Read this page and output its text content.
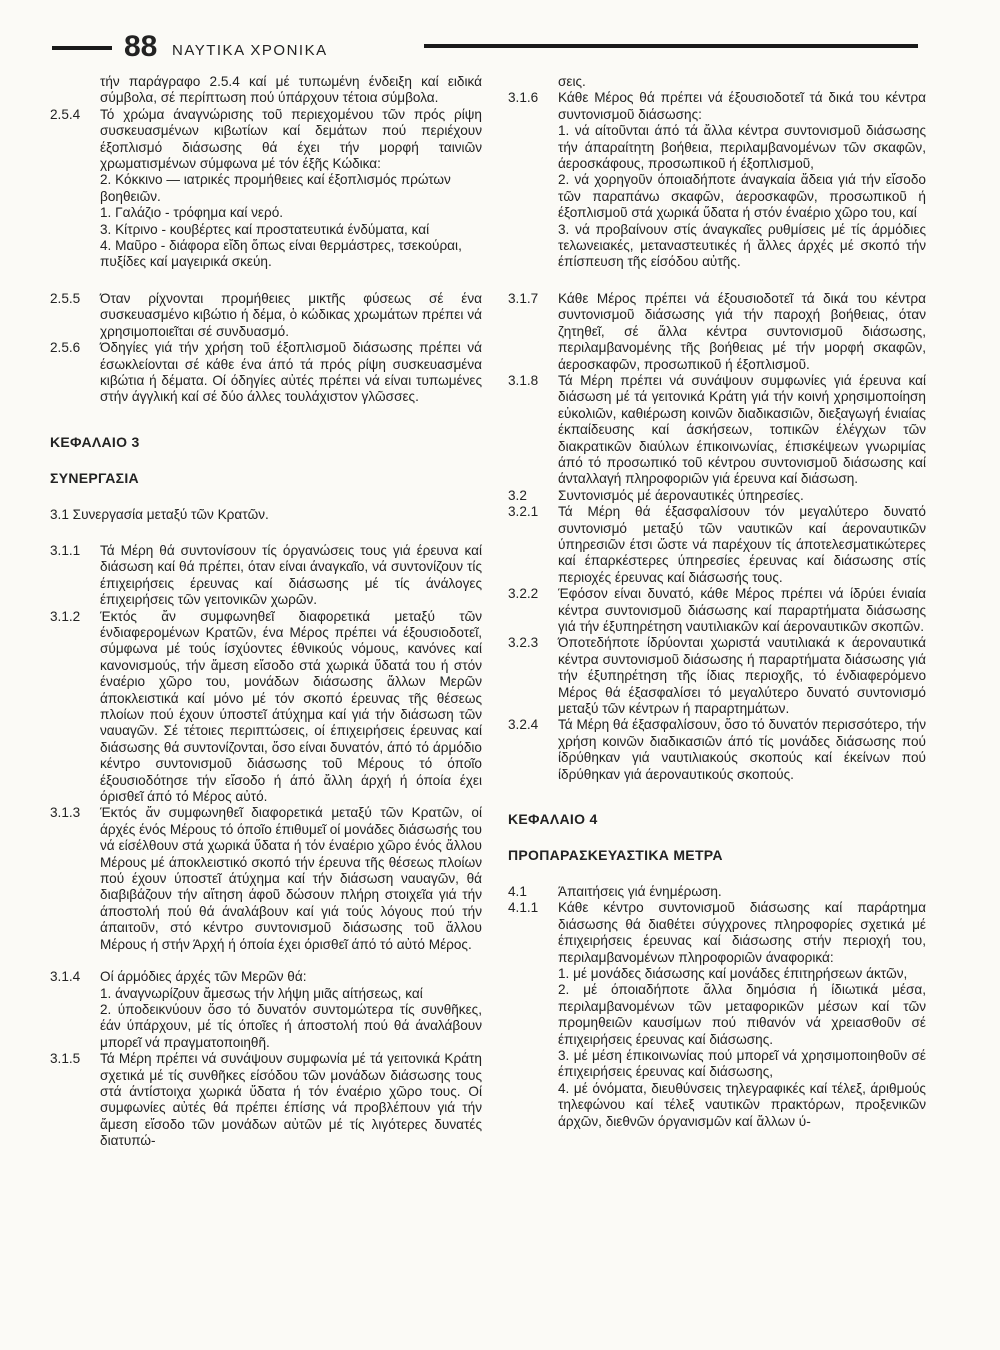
88 ΝΑΥΤΙΚΑ ΧΡΟΝΙΚΑ
τήν παράγραφο 2.5.4 καί μέ τυπωμένη ένδειξη καί ειδικά σύμβολα, σέ περίπτωση πού ύπάρχουν τέτοια σύμβολα.
2.5.4	Τό χρώμα άναγνώρισης τοῦ περιεχομένου τῶν πρός ρίψη συσκευασμένων κιβωτίων καί δεμάτων πού περιέχουν έξοπλισμό διάσωσης θά έχει τήν μορφή ταινιῶν χρωματισμένων σύμφωνα μέ τόν έξῆς Κώδικα:
2. Κόκκινο — ιατρικές προμήθειες καί έξοπλισμός πρώτων βοηθειῶν.
1. Γαλάζιο - τρόφημα καί νερό.
3. Κίτρινο - κουβέρτες καί προστατευτικά ένδύματα, καί
4. Μαῦρο - διάφορα εἴδη ὅπως είναι θερμάστρες, τσεκούραι, πυξίδες καί μαγειρικά σκεύη.
2.5.5	Όταν ρίχνονται προμήθειες μικτῆς φύσεως σέ ένα συσκευασμένο κιβώτιο ή δέμα, ὁ κώδικας χρωμάτων πρέπει νά χρησιμοποιεῖται σέ συνδυασμό.
2.5.6	Όδηγίες γιά τήν χρήση τοῦ έξοπλισμοῦ διάσωσης πρέπει νά έσωκλείονται σέ κάθε ένα άπό τά πρός ρίψη συσκευασμένα κιβώτια ή δέματα. Οί όδηγίες αὐτές πρέπει νά είναι τυπωμένες στήν άγγλική καί σέ δύο άλλες τουλάχιστον γλῶσσες.
ΚΕΦΑΛΑΙΟ 3
ΣΥΝΕΡΓΑΣΙΑ
3.1 Συνεργασία μεταξύ τῶν Κρατῶν.
3.1.1	Τά Μέρη θά συντονίσουν τίς όργανώσεις τους γιά έρευνα καί διάσωση καί θά πρέπει, όταν είναι άναγκαῖο, νά συντονίζουν τίς έπιχειρήσεις έρευνας καί διάσωσης μέ τίς άνάλογες έπιχειρήσεις τῶν γειτονικῶν χωρῶν.
3.1.2	Έκτός ἄν συμφωνηθεῖ διαφορετικά μεταξύ τῶν ένδιαφερομένων Κρατῶν, ένα Μέρος πρέπει νά έξουσιοδοτεῖ, σύμφωνα μέ τούς ίσχύοντες έθνικούς νόμους, κανόνες καί κανονισμούς, τήν ἄμεση εἴσοδο στά χωρικά ὕδατά του ή στόν έναέριο χῶρο του, μονάδων διάσωσης ἄλλων Μερῶν άποκλειστικά καί μόνο μέ τόν σκοπό έρευνας τῆς θέσεως πλοίων πού έχουν ύποστεῖ άτύχημα καί γιά τήν διάσωση τῶν ναυαγῶν. Σέ τέτοιες περιπτώσεις, οί έπιχειρήσεις έρευνας καί διάσωσης θά συντονίζονται, ὅσο είναι δυνατόν, άπό τό άρμόδιο κέντρο συντονισμοῦ διάσωσης τοῦ Μέρους τό όποῖο έξουσιοδότησε τήν εἴσοδο ή άπό ἄλλη άρχή ή όποία έχει όρισθεῖ άπό τό Μέρος αὐτό.
3.1.3	Έκτός ἄν συμφωνηθεῖ διαφορετικά μεταξύ τῶν Κρατῶν, οί άρχές ένός Μέρους τό όποῖο έπιθυμεῖ οί μονάδες διάσωσής του νά είσέλθουν στά χωρικά ὕδατα ή τόν έναέριο χῶρο ένός ἄλλου Μέρους μέ άποκλειστικό σκοπό τήν έρευνα τῆς θέσεως πλοίων πού έχουν ύποστεῖ άτύχημα καί τήν διάσωση ναυαγῶν, θά διαβιβάζουν τήν αἴτηση άφοῦ δώσουν πλήρη στοιχεῖα γιά τήν άποστολή πού θά άναλάβουν καί γιά τούς λόγους πού τήν άπαιτοῦν, στό κέντρο συντονισμοῦ διάσωσης τοῦ ἄλλου Μέρους ή στήν Άρχή ή όποία έχει όρισθεῖ άπό τό αὐτό Μέρος.
3.1.4	Οί άρμόδιες άρχές τῶν Μερῶν θά:
1. άναγνωρίζουν ἄμεσως τήν λήψη μιᾶς αίτήσεως, καί
2. ύποδεικνύουν ὅσο τό δυνατόν συντομώτερα τίς συνθῆκες, έάν ύπάρχουν, μέ τίς όποῖες ή άποστολή πού θά άναλάβουν μπορεῖ νά πραγματοποιηθῆ.
3.1.5	Τά Μέρη πρέπει νά συνάψουν συμφωνία μέ τά γειτονικά Κράτη σχετικά μέ τίς συνθῆκες είσόδου τῶν μονάδων διάσωσης τους στά άντίστοιχα χωρικά ὕδατα ή τόν έναέριο χῶρο τους. Οί συμφωνίες αὐτές θά πρέπει έπίσης νά προβλέπουν γιά τήν ἄμεση εἴσοδο τῶν μονάδων αὐτῶν μέ τίς λιγότερες δυνατές διατυπώ-
σεις.
3.1.6	Κάθε Μέρος θά πρέπει νά έξουσιοδοτεῖ τά δικά του κέντρα συντονισμοῦ διάσωσης:
1. νά αίτοῦνται άπό τά ἄλλα κέντρα συντονισμοῦ διάσωσης τήν άπαραίτητη βοήθεια, περιλαμβανομένων τῶν σκαφῶν, άεροσκάφους, προσωπικοῦ ή έξοπλισμοῦ,
2. νά χορηγοῦν όποιαδήποτε άναγκαία ἄδεια γιά τήν εἴσοδο τῶν παραπάνω σκαφῶν, άεροσκαφῶν, προσωπικοῦ ή έξοπλισμοῦ στά χωρικά ὕδατα ή στόν έναέριο χῶρο του, καί
3. νά προβαίνουν στίς άναγκαῖες ρυθμίσεις μέ τίς άρμόδιες τελωνειακές, μεταναστευτικές ή ἄλλες άρχές μέ σκοπό τήν έπίσπευση τῆς είσόδου αὐτῆς.
3.1.7	Κάθε Μέρος πρέπει νά έξουσιοδοτεῖ τά δικά του κέντρα συντονισμοῦ διάσωσης γιά τήν παροχή βοήθειας, όταν ζητηθεῖ, σέ ἄλλα κέντρα συντονισμοῦ διάσωσης, περιλαμβανομένης τῆς βοήθειας μέ τήν μορφή σκαφῶν, άεροσκαφῶν, προσωπικοῦ ή έξοπλισμοῦ.
3.1.8	Τά Μέρη πρέπει νά συνάψουν συμφωνίες γιά έρευνα καί διάσωση μέ τά γειτονικά Κράτη γιά τήν κοινή χρησιμοποίηση εὐκολιῶν, καθιέρωση κοινῶν διαδικασιῶν, διεξαγωγή ένιαίας έκπαίδευσης καί άσκήσεων, τοπικῶν έλέγχων τῶν διακρατικῶν διαύλων έπικοινωνίας, έπισκέψεων γνωριμίας άπό τό προσωπικό τοῦ κέντρου συντονισμοῦ διάσωσης καί άνταλλαγή πληροφοριῶν γιά έρευνα καί διάσωση.
3.2	Συντονισμός μέ άεροναυτικές ύπηρεσίες.
3.2.1	Τά Μέρη θά έξασφαλίσουν τόν μεγαλύτερο δυνατό συντονισμό μεταξύ τῶν ναυτικῶν καί άεροναυτικῶν ύπηρεσιῶν έτσι ὥστε νά παρέχουν τίς άποτελεσματικώτερες καί έπαρκέστερες ύπηρεσίες έρευνας καί διάσωσης στίς περιοχές έρευνας καί διάσωσής τους.
3.2.2	Έφόσον είναι δυνατό, κάθε Μέρος πρέπει νά ίδρύει ένιαία κέντρα συντονισμοῦ διάσωσης καί παραρτήματα διάσωσης γιά τήν έξυπηρέτηση ναυτιλιακῶν καί άεροναυτικῶν σκοπῶν.
3.2.3	Όποτεδήποτε ίδρύονται χωριστά ναυτιλιακά κ άεροναυτικά κέντρα συντονισμοῦ διάσωσης ή παραρτήματα διάσωσης γιά τήν έξυπηρέτηση τῆς ίδιας περιοχῆς, τό ένδιαφερόμενο Μέρος θά έξασφαλίσει τό μεγαλύτερο δυνατό συντονισμό μεταξύ τῶν κέντρων ή παραρτημάτων.
3.2.4	Τά Μέρη θά έξασφαλίσουν, ὅσο τό δυνατόν περισσότερο, τήν χρήση κοινῶν διαδικασιῶν άπό τίς μονάδες διάσωσης πού ίδρύθηκαν γιά ναυτιλιακούς σκοπούς καί έκείνων πού ίδρύθηκαν γιά άεροναυτικούς σκοπούς.
ΚΕΦΑΛΑΙΟ 4
ΠΡΟΠΑΡΑΣΚΕΥΑΣΤΙΚΑ ΜΕΤΡΑ
4.1	Άπαιτήσεις γιά ένημέρωση.
4.1.1	Κάθε κέντρο συντονισμοῦ διάσωσης καί παράρτημα διάσωσης θά διαθέτει σύγχρονες πληροφορίες σχετικά μέ έπιχειρήσεις έρευνας καί διάσωσης στήν περιοχή του, περιλαμβανομένων πληροφοριῶν άναφορικά:
1. μέ μονάδες διάσωσης καί μονάδες έπιτηρήσεων άκτῶν,
2. μέ όποιαδήποτε ἄλλα δημόσια ή ίδιωτικά μέσα, περιλαμβανομένων τῶν μεταφορικῶν μέσων καί τῶν προμηθειῶν καυσίμων πού πιθανόν νά χρειασθοῦν σέ έπιχειρήσεις έρευνας καί διάσωσης.
3. μέ μέση έπικοινωνίας πού μπορεῖ νά χρησιμοποιηθοῦν σέ έπιχειρήσεις έρευνας καί διάσωσης,
4. μέ όνόματα, διευθύνσεις τηλεγραφικές καί τέλεξ, άριθμούς τηλεφώνου καί τέλεξ ναυτικῶν πρακτόρων, προξενικῶν άρχῶν, διεθνῶν όργανισμῶν καί ἄλλων ύ-
